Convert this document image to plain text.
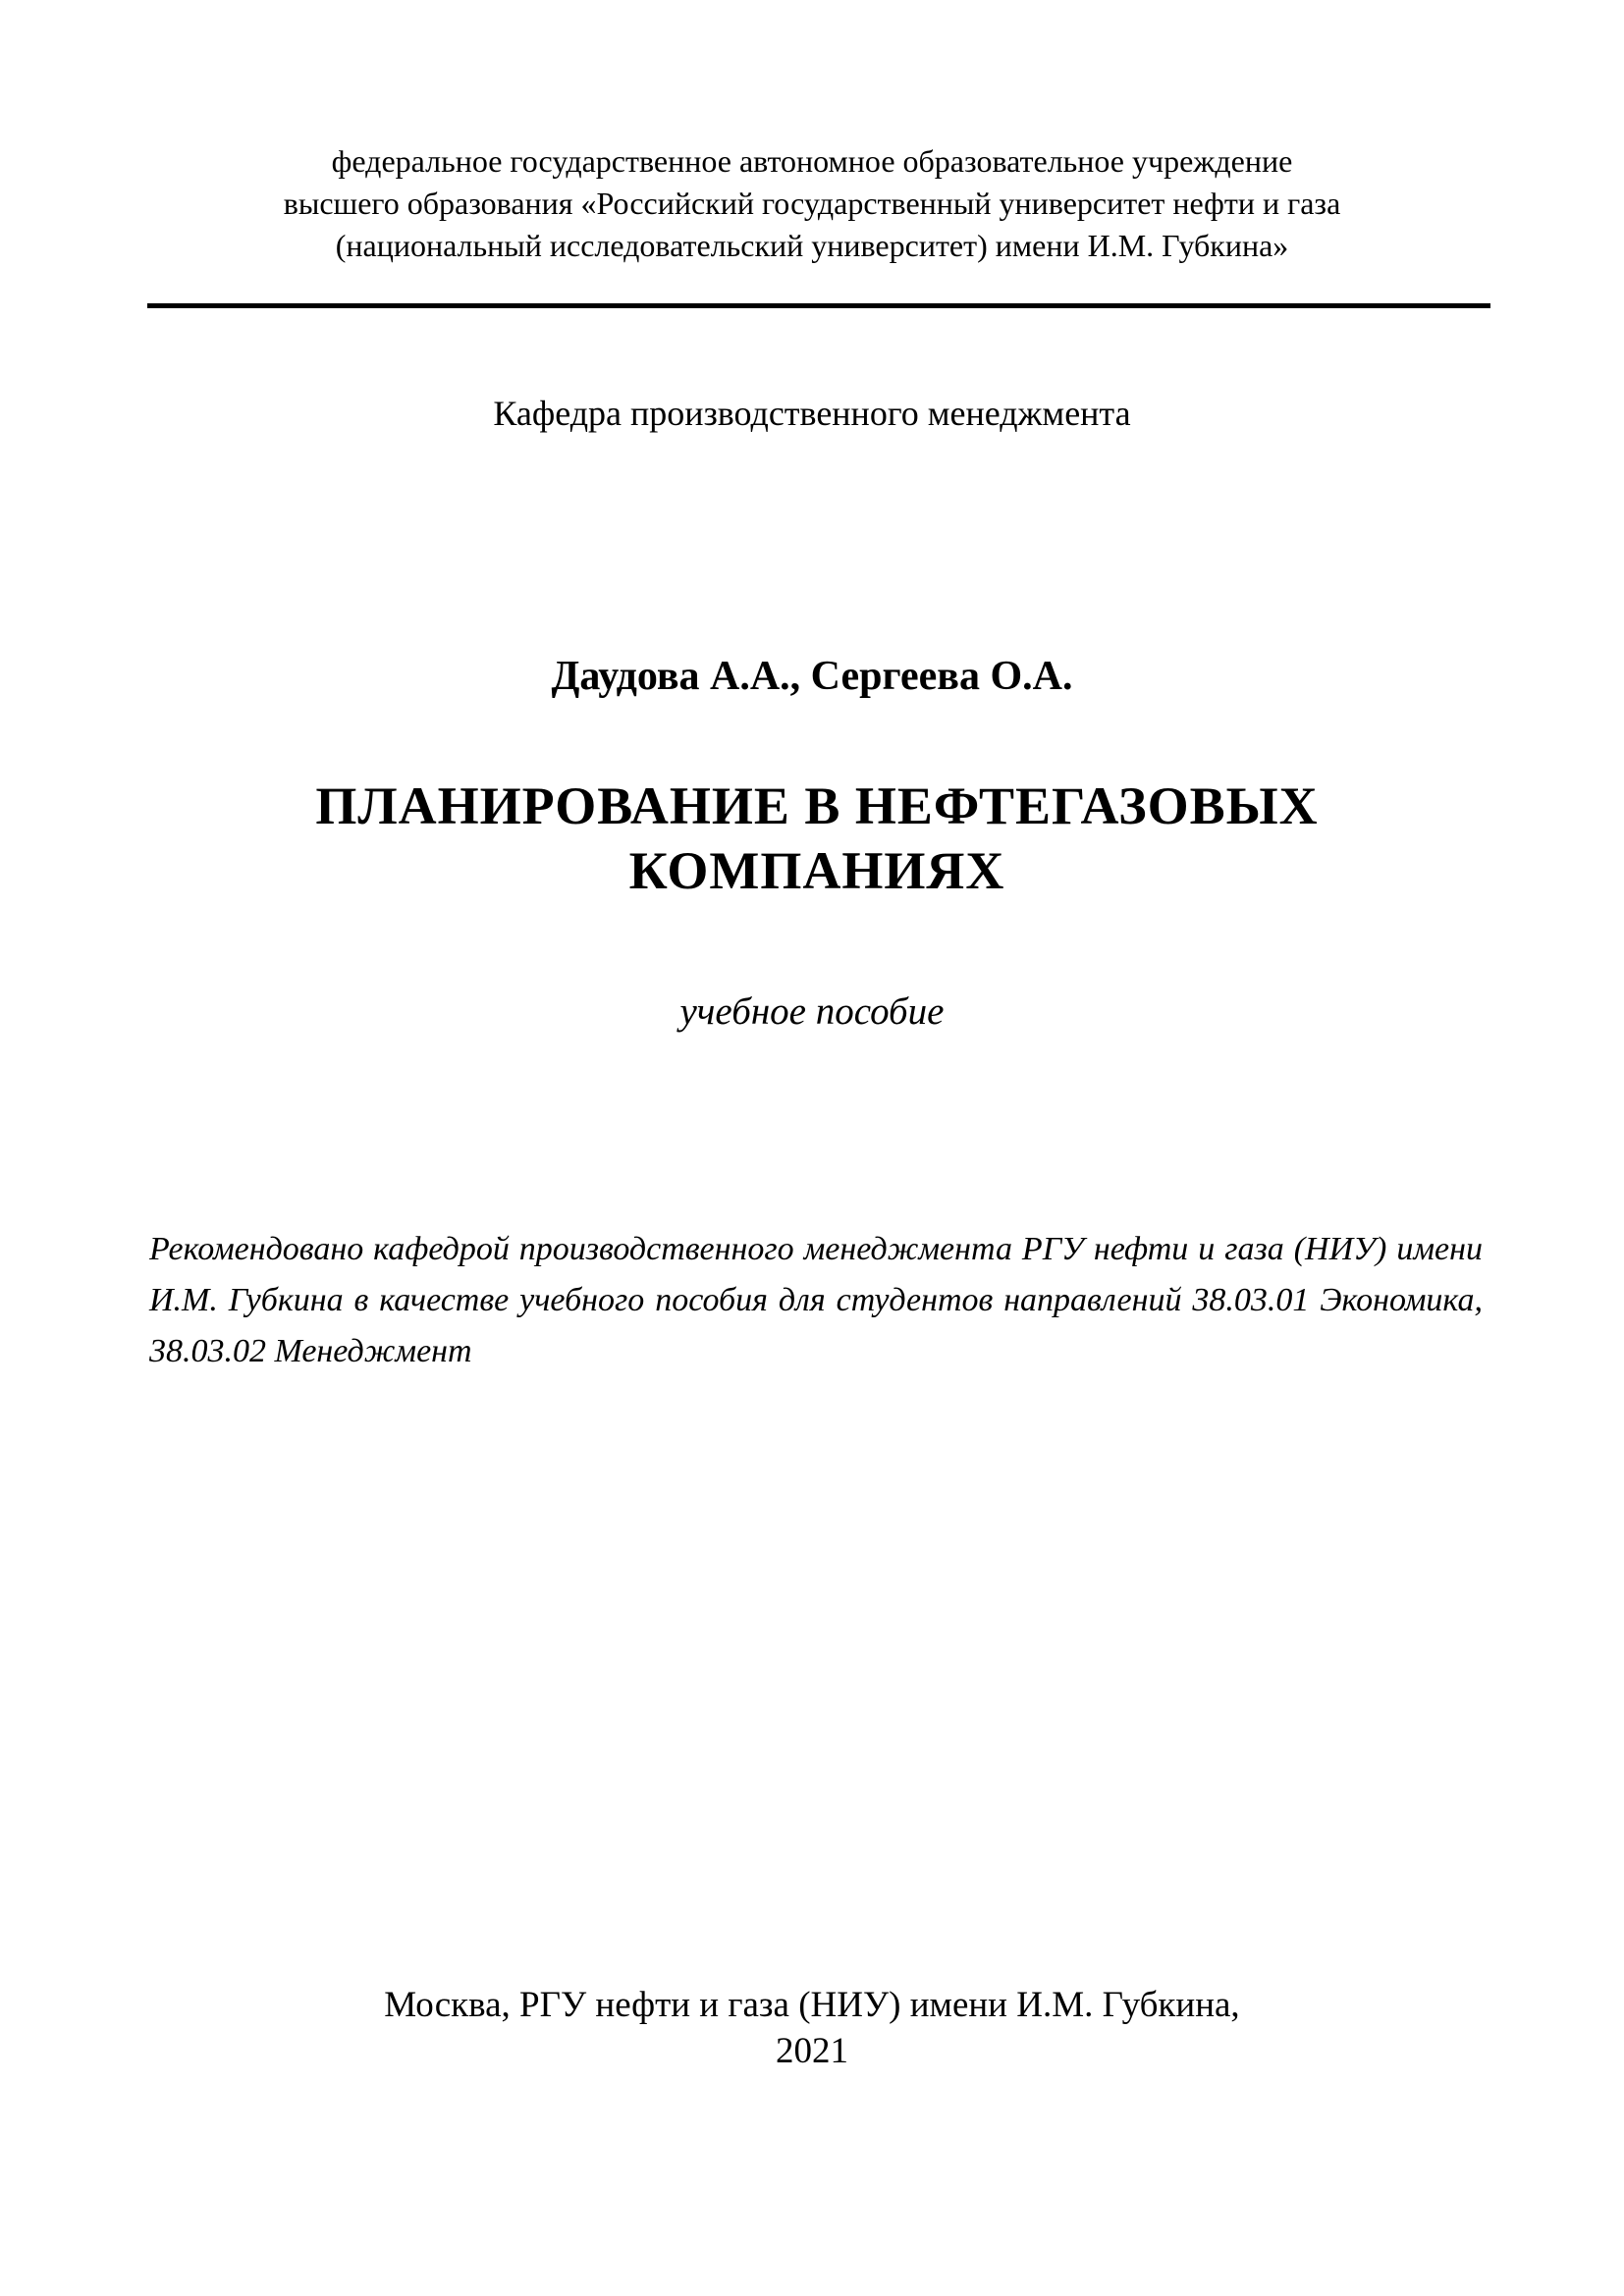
федеральное государственное автономное образовательное учреждение
высшего образования «Российский государственный университет нефти и газа
(национальный исследовательский университет) имени И.М. Губкина»
Кафедра производственного менеджмента
Даудова А.А., Сергеева О.А.
ПЛАНИРОВАНИЕ В НЕФТЕГАЗОВЫХ КОМПАНИЯХ
учебное пособие

Рекомендовано кафедрой производственного менеджмента РГУ нефти и газа (НИУ) имени И.М. Губкина в качестве учебного пособия для студентов направлений 38.03.01 Экономика, 38.03.02 Менеджмент

Москва, РГУ нефти и газа (НИУ) имени И.М. Губкина,
2021
